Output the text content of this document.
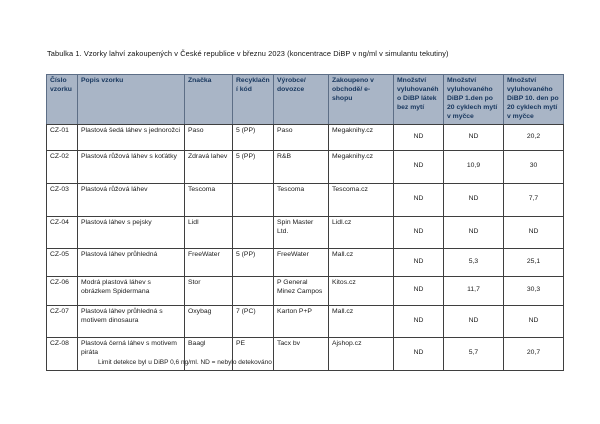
Tabulka 1. Vzorky lahví zakoupených v České republice v březnu 2023 (koncentrace DiBP v ng/ml v simulantu tekutiny)
Číslo vzorku	Popis vzorku	Značka	Recyklační kód	Výrobce/ dovozce	Zakoupeno v obchodě/ e-shopu	Množství vyluhovaného DiBP látek bez mytí	Množství vyluhovaného DiBP 1.den po 20 cyklech mytí v myčce	Množství vyluhovaného DiBP 10. den po 20 cyklech mytí v myčce
CZ-01	Plastová šedá láhev s jednorožci	Paso	5 (PP)	Paso	Megaknihy.cz	ND	ND	20,2
CZ-02	Plastová růžová láhev s koťátky	Zdravá lahev	5 (PP)	R&B	Megaknihy.cz	ND	10,9	30
CZ-03	Plastová růžová láhev	Tescoma		Tescoma	Tescoma.cz	ND	ND	7,7
CZ-04	Plastová láhev s pejsky	Lidl		Spin Master Ltd.	Lidl.cz	ND	ND	ND
CZ-05	Plastová láhev průhledná	FreeWater	5 (PP)	FreeWater	Mall.cz	ND	5,3	25,1
CZ-06	Modrá plastová láhev s obrázkem Spidermana	Stor		P General Minez Campos	Kitos.cz	ND	11,7	30,3
CZ-07	Plastová láhev průhledná s motivem dinosaura	Oxybag	7 (PC)	Karton P+P	Mall.cz	ND	ND	ND
CZ-08	Plastová černá láhev s motivem piráta	Baagl	PE	Tacx bv	Ajshop.cz	ND	5,7	20,7
Limit detekce byl u DiBP 0,6 ng/ml. ND = nebylo detekováno
